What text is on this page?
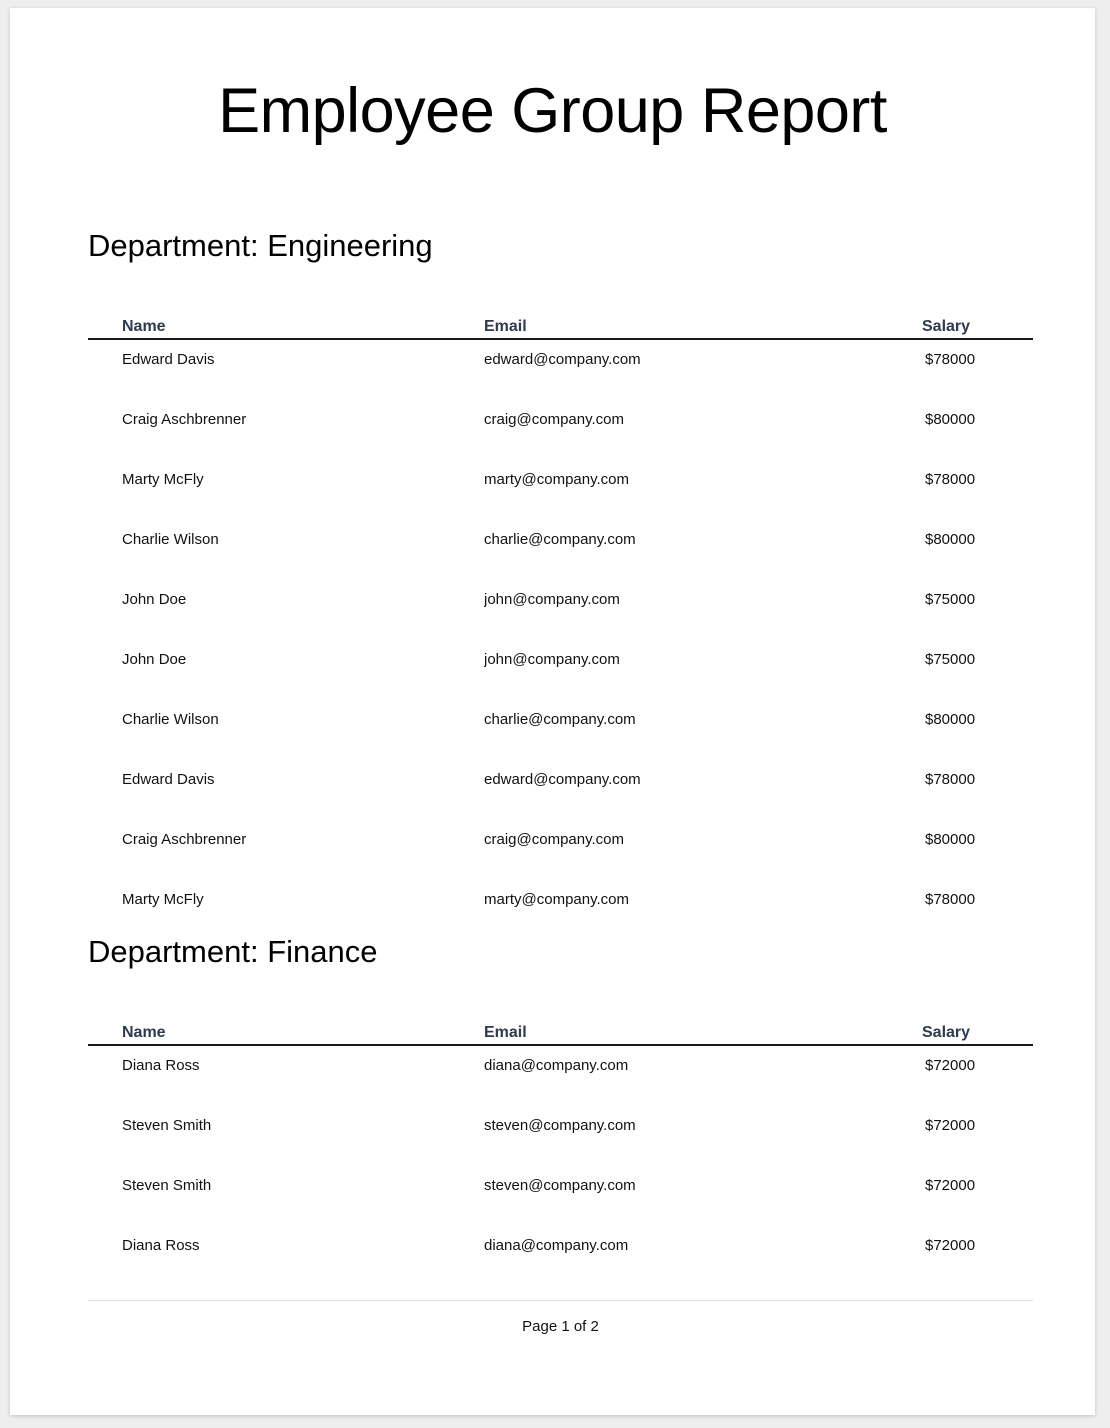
Employee Group Report
Department: Engineering
Name	Email	Salary
Edward Davis	edward@company.com	$78000
Craig Aschbrenner	craig@company.com	$80000
Marty McFly	marty@company.com	$78000
Charlie Wilson	charlie@company.com	$80000
John Doe	john@company.com	$75000
John Doe	john@company.com	$75000
Charlie Wilson	charlie@company.com	$80000
Edward Davis	edward@company.com	$78000
Craig Aschbrenner	craig@company.com	$80000
Marty McFly	marty@company.com	$78000
Department: Finance
Name	Email	Salary
Diana Ross	diana@company.com	$72000
Steven Smith	steven@company.com	$72000
Steven Smith	steven@company.com	$72000
Diana Ross	diana@company.com	$72000
Page 1 of 2
